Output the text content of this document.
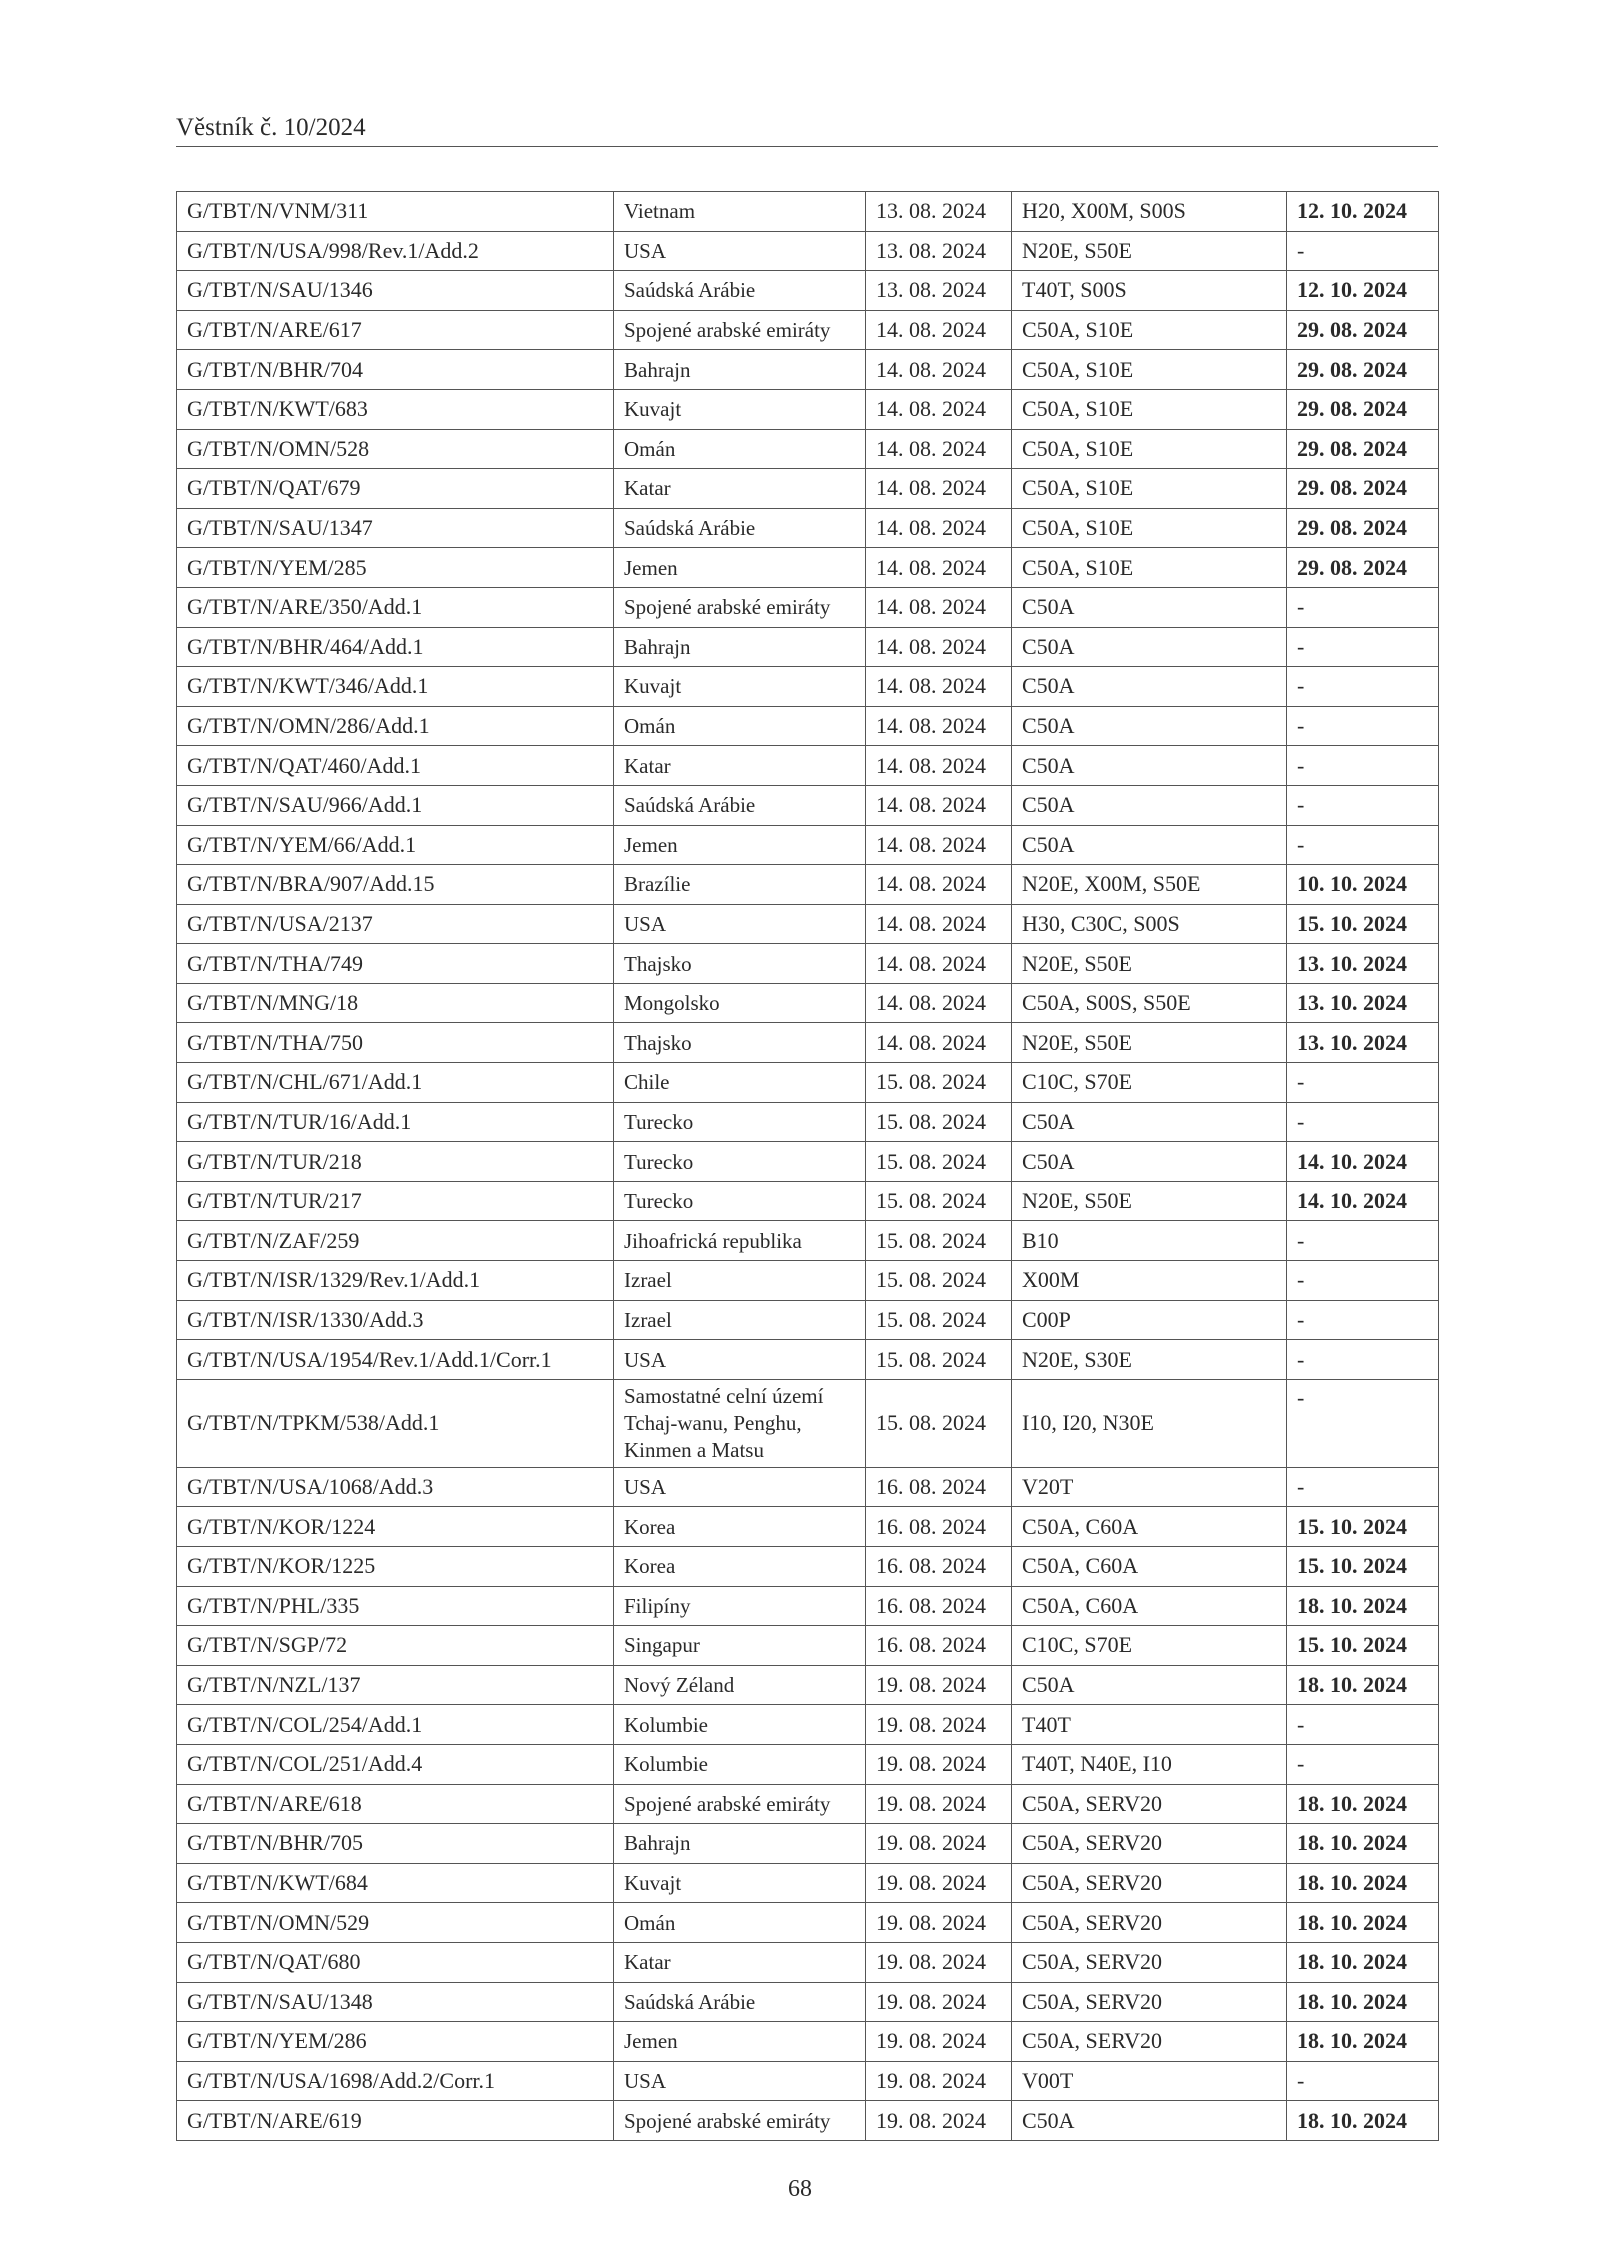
Věstník č. 10/2024
G/TBT/N/VNM/311	Vietnam	13. 08. 2024	H20, X00M, S00S	12. 10. 2024
G/TBT/N/USA/998/Rev.1/Add.2	USA	13. 08. 2024	N20E, S50E	-
G/TBT/N/SAU/1346	Saúdská Arábie	13. 08. 2024	T40T, S00S	12. 10. 2024
G/TBT/N/ARE/617	Spojené arabské emiráty	14. 08. 2024	C50A, S10E	29. 08. 2024
G/TBT/N/BHR/704	Bahrajn	14. 08. 2024	C50A, S10E	29. 08. 2024
G/TBT/N/KWT/683	Kuvajt	14. 08. 2024	C50A, S10E	29. 08. 2024
G/TBT/N/OMN/528	Omán	14. 08. 2024	C50A, S10E	29. 08. 2024
G/TBT/N/QAT/679	Katar	14. 08. 2024	C50A, S10E	29. 08. 2024
G/TBT/N/SAU/1347	Saúdská Arábie	14. 08. 2024	C50A, S10E	29. 08. 2024
G/TBT/N/YEM/285	Jemen	14. 08. 2024	C50A, S10E	29. 08. 2024
G/TBT/N/ARE/350/Add.1	Spojené arabské emiráty	14. 08. 2024	C50A	-
G/TBT/N/BHR/464/Add.1	Bahrajn	14. 08. 2024	C50A	-
G/TBT/N/KWT/346/Add.1	Kuvajt	14. 08. 2024	C50A	-
G/TBT/N/OMN/286/Add.1	Omán	14. 08. 2024	C50A	-
G/TBT/N/QAT/460/Add.1	Katar	14. 08. 2024	C50A	-
G/TBT/N/SAU/966/Add.1	Saúdská Arábie	14. 08. 2024	C50A	-
G/TBT/N/YEM/66/Add.1	Jemen	14. 08. 2024	C50A	-
G/TBT/N/BRA/907/Add.15	Brazílie	14. 08. 2024	N20E, X00M, S50E	10. 10. 2024
G/TBT/N/USA/2137	USA	14. 08. 2024	H30, C30C, S00S	15. 10. 2024
G/TBT/N/THA/749	Thajsko	14. 08. 2024	N20E, S50E	13. 10. 2024
G/TBT/N/MNG/18	Mongolsko	14. 08. 2024	C50A, S00S, S50E	13. 10. 2024
G/TBT/N/THA/750	Thajsko	14. 08. 2024	N20E, S50E	13. 10. 2024
G/TBT/N/CHL/671/Add.1	Chile	15. 08. 2024	C10C, S70E	-
G/TBT/N/TUR/16/Add.1	Turecko	15. 08. 2024	C50A	-
G/TBT/N/TUR/218	Turecko	15. 08. 2024	C50A	14. 10. 2024
G/TBT/N/TUR/217	Turecko	15. 08. 2024	N20E, S50E	14. 10. 2024
G/TBT/N/ZAF/259	Jihoafrická republika	15. 08. 2024	B10	-
G/TBT/N/ISR/1329/Rev.1/Add.1	Izrael	15. 08. 2024	X00M	-
G/TBT/N/ISR/1330/Add.3	Izrael	15. 08. 2024	C00P	-
G/TBT/N/USA/1954/Rev.1/Add.1/Corr.1	USA	15. 08. 2024	N20E, S30E	-
G/TBT/N/TPKM/538/Add.1	Samostatné celní území Tchaj-wanu, Penghu, Kinmen a Matsu	15. 08. 2024	I10, I20, N30E	-
G/TBT/N/USA/1068/Add.3	USA	16. 08. 2024	V20T	-
G/TBT/N/KOR/1224	Korea	16. 08. 2024	C50A, C60A	15. 10. 2024
G/TBT/N/KOR/1225	Korea	16. 08. 2024	C50A, C60A	15. 10. 2024
G/TBT/N/PHL/335	Filipíny	16. 08. 2024	C50A, C60A	18. 10. 2024
G/TBT/N/SGP/72	Singapur	16. 08. 2024	C10C, S70E	15. 10. 2024
G/TBT/N/NZL/137	Nový Zéland	19. 08. 2024	C50A	18. 10. 2024
G/TBT/N/COL/254/Add.1	Kolumbie	19. 08. 2024	T40T	-
G/TBT/N/COL/251/Add.4	Kolumbie	19. 08. 2024	T40T, N40E, I10	-
G/TBT/N/ARE/618	Spojené arabské emiráty	19. 08. 2024	C50A, SERV20	18. 10. 2024
G/TBT/N/BHR/705	Bahrajn	19. 08. 2024	C50A, SERV20	18. 10. 2024
G/TBT/N/KWT/684	Kuvajt	19. 08. 2024	C50A, SERV20	18. 10. 2024
G/TBT/N/OMN/529	Omán	19. 08. 2024	C50A, SERV20	18. 10. 2024
G/TBT/N/QAT/680	Katar	19. 08. 2024	C50A, SERV20	18. 10. 2024
G/TBT/N/SAU/1348	Saúdská Arábie	19. 08. 2024	C50A, SERV20	18. 10. 2024
G/TBT/N/YEM/286	Jemen	19. 08. 2024	C50A, SERV20	18. 10. 2024
G/TBT/N/USA/1698/Add.2/Corr.1	USA	19. 08. 2024	V00T	-
G/TBT/N/ARE/619	Spojené arabské emiráty	19. 08. 2024	C50A	18. 10. 2024
68
